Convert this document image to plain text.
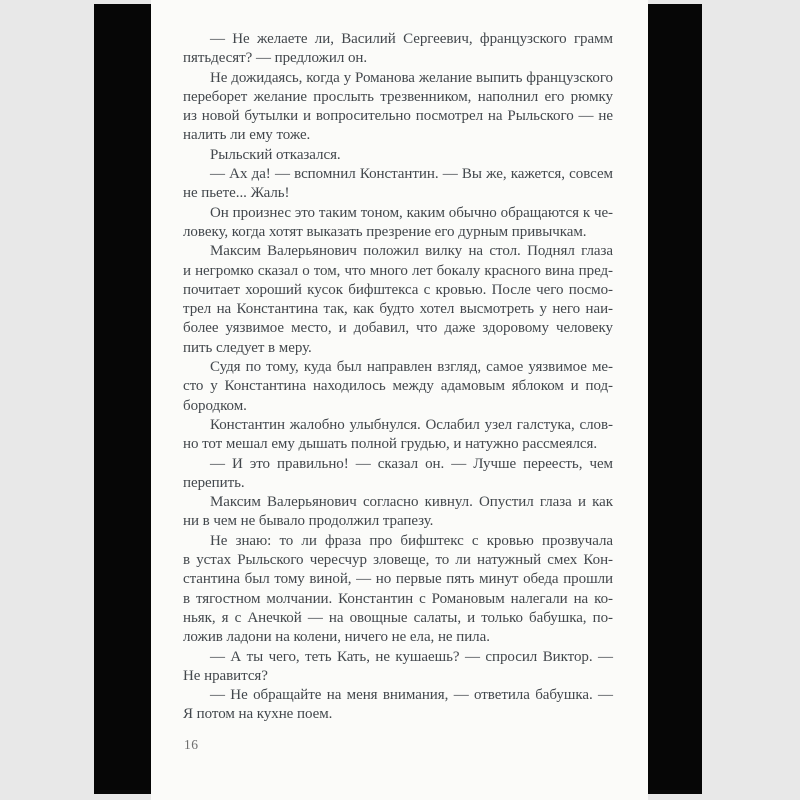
— Не желаете ли, Василий Сергеевич, французского грамм
пятьдесят? — предложил он.
Не дожидаясь, когда у Романова желание выпить французского
переборет желание прослыть трезвенником, наполнил его рюмку
из новой бутылки и вопросительно посмотрел на Рыльского — не
налить ли ему тоже.
Рыльский отказался.
— Ах да! — вспомнил Константин. — Вы же, кажется, совсем
не пьете... Жаль!
Он произнес это таким тоном, каким обычно обращаются к че-
ловеку, когда хотят выказать презрение его дурным привычкам.
Максим Валерьянович положил вилку на стол. Поднял глаза
и негромко сказал о том, что много лет бокалу красного вина пред-
почитает хороший кусок бифштекса с кровью. После чего посмо-
трел на Константина так, как будто хотел высмотреть у него наи-
более уязвимое место, и добавил, что даже здоровому человеку
пить следует в меру.
Судя по тому, куда был направлен взгляд, самое уязвимое ме-
сто у Константина находилось между адамовым яблоком и под-
бородком.
Константин жалобно улыбнулся. Ослабил узел галстука, слов-
но тот мешал ему дышать полной грудью, и натужно рассмеялся.
— И это правильно! — сказал он. — Лучше переесть, чем
перепить.
Максим Валерьянович согласно кивнул. Опустил глаза и как
ни в чем не бывало продолжил трапезу.
Не знаю: то ли фраза про бифштекс с кровью прозвучала
в устах Рыльского чересчур зловеще, то ли натужный смех Кон-
стантина был тому виной, — но первые пять минут обеда прошли
в тягостном молчании. Константин с Романовым налегали на ко-
ньяк, я с Анечкой — на овощные салаты, и только бабушка, по-
ложив ладони на колени, ничего не ела, не пила.
— А ты чего, теть Кать, не кушаешь? — спросил Виктор. —
Не нравится?
— Не обращайте на меня внимания, — ответила бабушка. —
Я потом на кухне поем.
16
